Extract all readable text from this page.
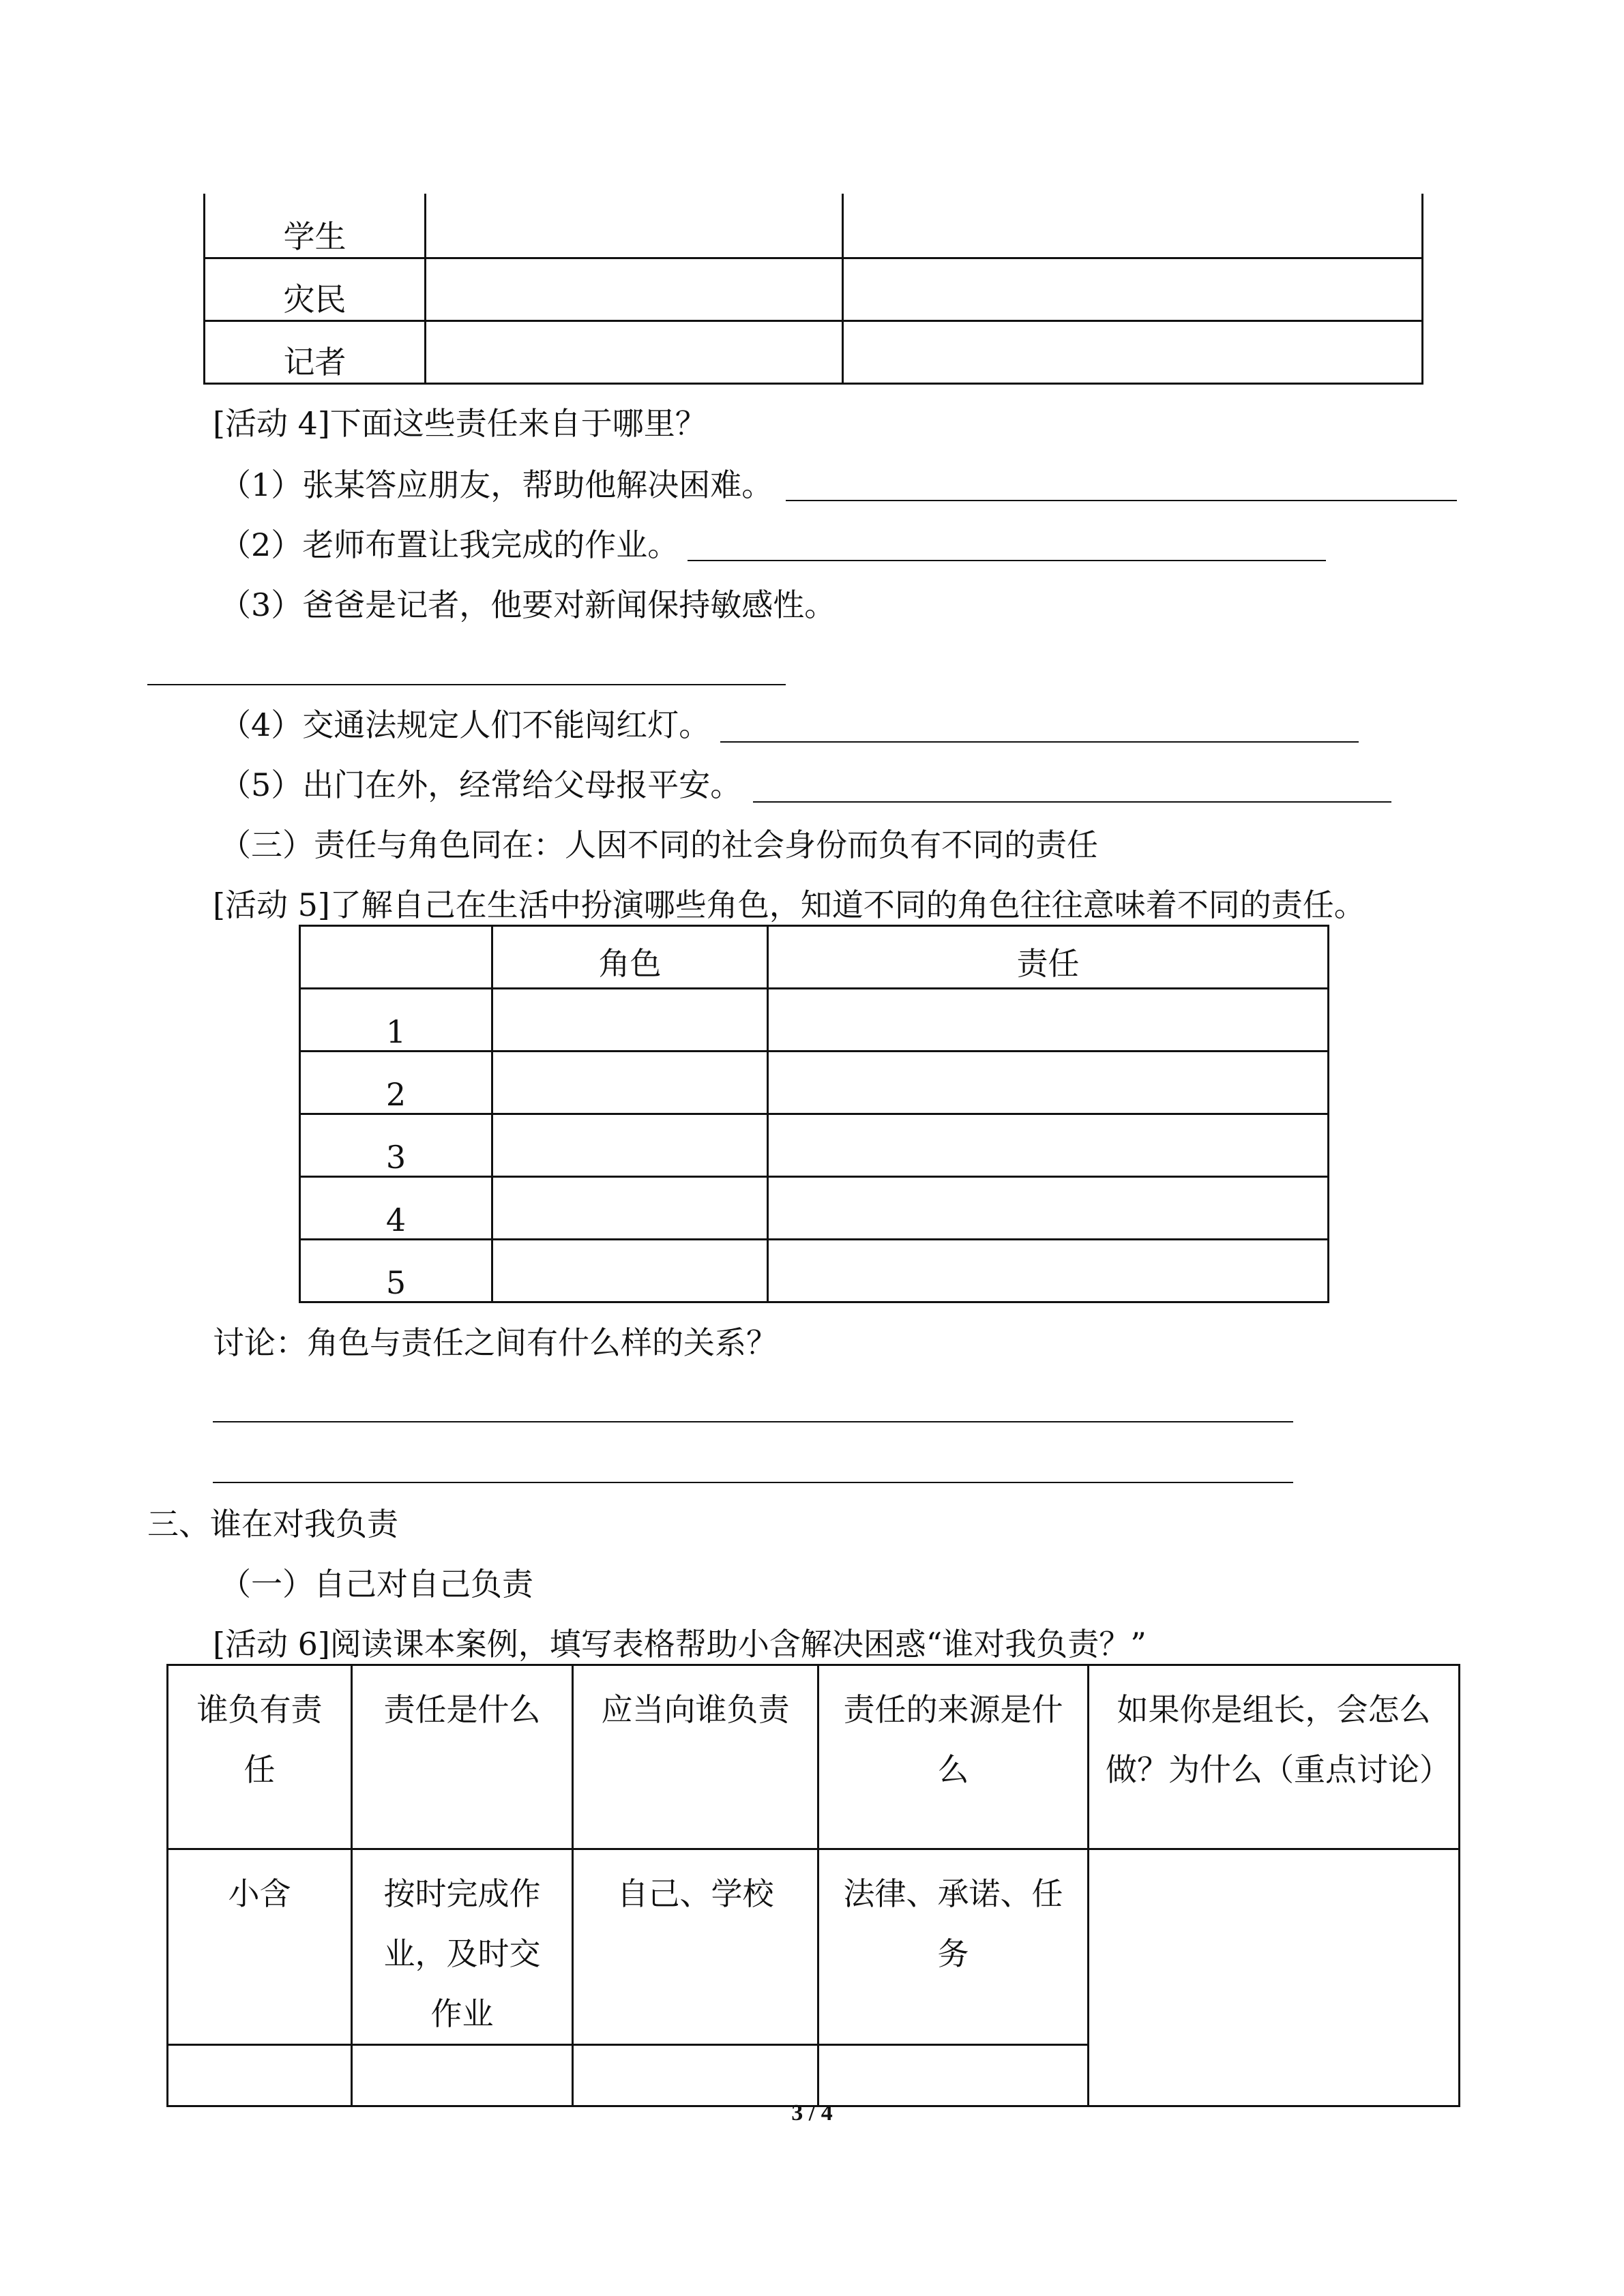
学生		
灾民		
记者		
[活动 4]下面这些责任来自于哪里？
（1）张某答应朋友，帮助他解决困难。
（2）老师布置让我完成的作业。
（3）爸爸是记者，他要对新闻保持敏感性。
（4）交通法规定人们不能闯红灯。
（5）出门在外，经常给父母报平安。
（三）责任与角色同在：人因不同的社会身份而负有不同的责任
[活动 5]了解自己在生活中扮演哪些角色，知道不同的角色往往意味着不同的责任。
	角色	责任
1		
2		
3		
4		
5		
讨论：角色与责任之间有什么样的关系？
三、谁在对我负责
（一）自己对自己负责
[活动 6]阅读课本案例，填写表格帮助小含解决困惑“谁对我负责？”
谁负有责任	责任是什么	应当向谁负责	责任的来源是什么	如果你是组长，会怎么做？为什么（重点讨论）
小含	按时完成作业，及时交作业	自己、学校	法律、承诺、任务	

3 / 4
